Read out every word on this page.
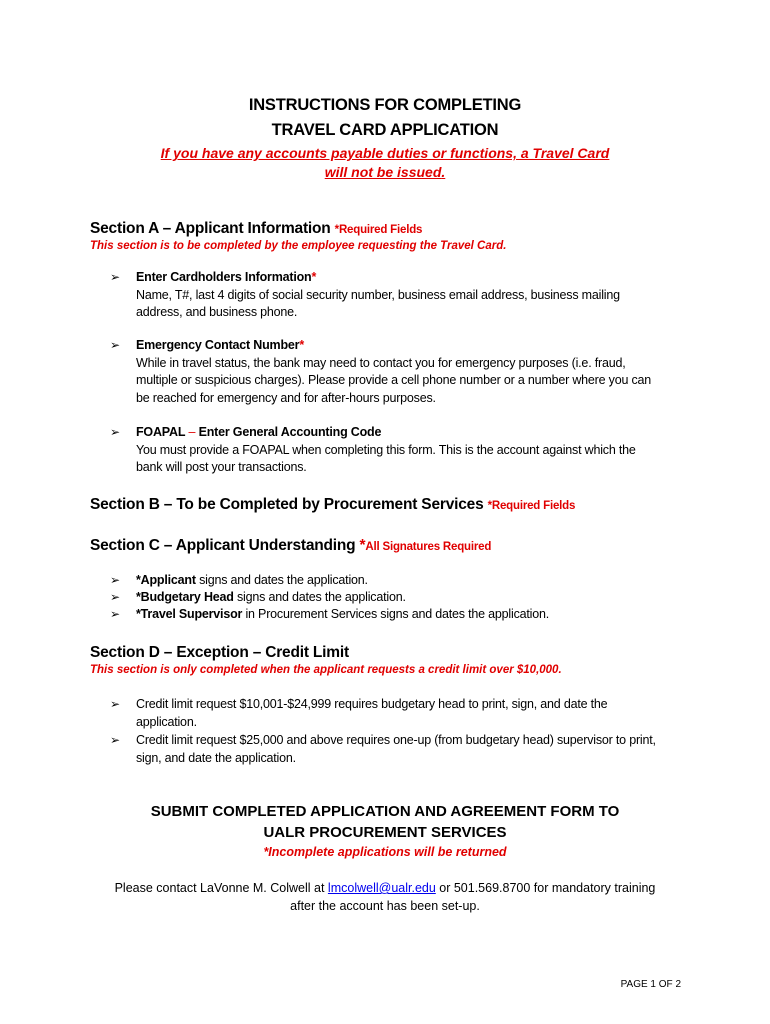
INSTRUCTIONS FOR COMPLETING
TRAVEL CARD APPLICATION
If you have any accounts payable duties or functions, a Travel Card
will not be issued.
Section A – Applicant Information *Required Fields
This section is to be completed by the employee requesting the Travel Card.
➢ Enter Cardholders Information*
Name, T#, last 4 digits of social security number, business email address, business mailing
address, and business phone.
➢ Emergency Contact Number*
While in travel status, the bank may need to contact you for emergency purposes (i.e. fraud,
multiple or suspicious charges). Please provide a cell phone number or a number where you can
be reached for emergency and for after-hours purposes.
➢ FOAPAL – Enter General Accounting Code
You must provide a FOAPAL when completing this form. This is the account against which the
bank will post your transactions.
Section B – To be Completed by Procurement Services *Required Fields
Section C – Applicant Understanding *All Signatures Required
➢ *Applicant signs and dates the application.
➢ *Budgetary Head signs and dates the application.
➢ *Travel Supervisor in Procurement Services signs and dates the application.
Section D – Exception – Credit Limit
This section is only completed when the applicant requests a credit limit over $10,000.
➢ Credit limit request $10,001-$24,999 requires budgetary head to print, sign, and date the
application.
➢ Credit limit request $25,000 and above requires one-up (from budgetary head) supervisor to print,
sign, and date the application.
SUBMIT COMPLETED APPLICATION AND AGREEMENT FORM TO
UALR PROCUREMENT SERVICES
*Incomplete applications will be returned
Please contact LaVonne M. Colwell at lmcolwell@ualr.edu or 501.569.8700 for mandatory training
after the account has been set-up.
PAGE 1 OF 2
